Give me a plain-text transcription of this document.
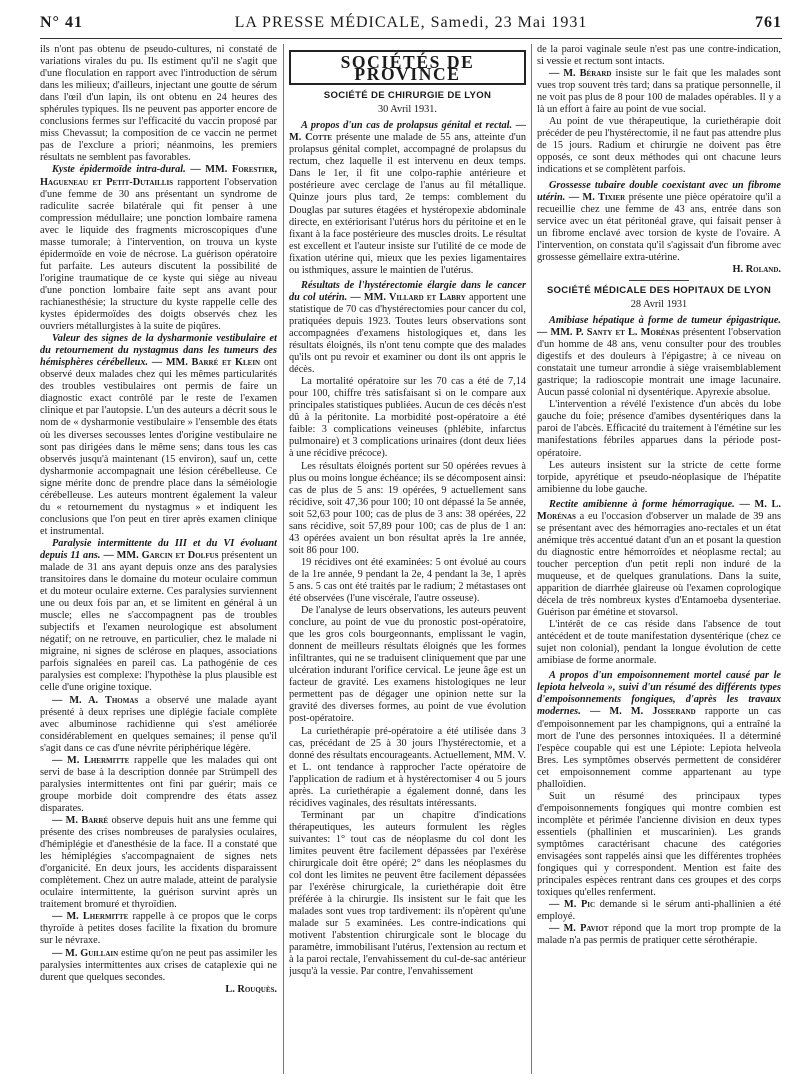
N° 41	LA PRESSE MÉDICALE, Samedi, 23 Mai 1931	761

ils n'ont pas obtenu de pseudo-cultures, ni constaté de variations virales du pu. Ils estiment qu'il ne s'agit que d'une floculation en rapport avec l'introduction de sérum dans les milieux; d'ailleurs, injectant une goutte de sérum dans l'œil d'un lapin, ils ont obtenu en 24 heures des sphérules typiques. Ils ne peuvent pas apporter encore de conclusions fermes sur l'efficacité du vaccin proposé par miss Chevassut; la composition de ce vaccin ne permet pas de l'exclure a priori; néanmoins, les premiers résultats ne semblent pas favorables.

Kyste épidermoïde intra-dural. — MM. Forestier, Hagueneau et Petit-Dutaillis rapportent l'observation d'une femme de 30 ans présentant un syndrome de radiculite sacrée bilatérale qui fit penser à une compression médullaire; une ponction lombaire ramena avec le liquide des fragments microscopiques d'une masse tumorale; à l'intervention, on trouva un kyste épidermoïde en voie de nécrose. La guérison opératoire fut parfaite. Les auteurs discutent la possibilité de l'origine traumatique de ce kyste qui siège au niveau d'une ponction lombaire faite sept ans avant pour rachianesthésie; la structure du kyste rappelle celle des kystes épidermoïdes des doigts observés chez les ouvriers métallurgistes à la suite de piqûres.

Valeur des signes de la dysharmonie vestibulaire et du retournement du nystagmus dans les tumeurs des hémisphères cérébelleux. — MM. Barré et Klein ont observé deux malades chez qui les mêmes particularités des troubles vestibulaires ont permis de faire un diagnostic exact contrôlé par le reste de l'examen clinique et par l'autopsie. L'un des auteurs a décrit sous le nom de « dysharmonie vestibulaire » l'ensemble des états où les diverses secousses lentes d'origine vestibulaire ne sont pas dirigées dans le même sens; dans tous les cas observés jusqu'à maintenant (15 environ), sauf un, cette dysharmonie accompagnait une lésion cérébelleuse. Ce signe mérite donc de prendre place dans la séméiologie cérébelleuse. Les auteurs montrent également la valeur du « retournement du nystagmus » et indiquent les conclusions que l'on peut en tirer après examen clinique et instrumental.

Paralysie intermittente du III et du VI évoluant depuis 11 ans. — MM. Garcin et Dolfus présentent un malade de 31 ans ayant depuis onze ans des paralysies transitoires dans le domaine du moteur oculaire commun et du moteur oculaire externe. Ces paralysies surviennent une ou deux fois par an, et se limitent en général à un muscle; elles ne s'accompagnent pas de troubles subjectifs et l'examen neurologique est absolument négatif; on ne retrouve, en particulier, chez le malade ni migraine, ni signes de sclérose en plaques, associations parfois signalées en pareil cas. La pathogénie de ces paralysies est complexe: l'hypothèse la plus plausible est celle d'une origine toxique.

— M. A. Thomas a observé une malade ayant présenté à deux reprises une diplégie faciale complète avec albuminose rachidienne qui s'est améliorée considérablement en quelques semaines; il pense qu'il s'agit dans ce cas d'une névrite périphérique légère.

— M. Lhermitte rappelle que les malades qui ont servi de base à la description donnée par Strümpell des paralysies intermittentes ont fini par guérir; mais ce groupe morbide doit comprendre des états assez disparates.

— M. Barré observe depuis huit ans une femme qui présente des crises nombreuses de paralysies oculaires, d'hémiplégie et d'anesthésie de la face. Il a constaté que les hémiplégies s'accompagnaient de signes nets d'organicité. En deux jours, les accidents disparaissent complètement. Chez un autre malade, atteint de paralysie oculaire intermittente, la guérison survint après un traitement bromuré et thyroïdien.

— M. Lhermitte rappelle à ce propos que le corps thyroïde à petites doses facilite la fixation du bromure sur le névraxe.

— M. Guillain estime qu'on ne peut pas assimiler les paralysies intermittentes aux crises de cataplexie qui ne durent que quelques secondes.

L. Rouquès.

SOCIÉTÉS DE PROVINCE
SOCIÉTÉ DE CHIRURGIE DE LYON
30 Avril 1931.

A propos d'un cas de prolapsus génital et rectal. — M. Cotte présente une malade de 55 ans, atteinte d'un prolapsus génital complet, accompagné de prolapsus du rectum, chez laquelle il est intervenu en deux temps. Dans le 1er, il fit une colpo-raphie antérieure et postérieure avec cerclage de l'anus au fil métallique. Quinze jours plus tard, 2e temps: comblement du Douglas par sutures étagées et hystéropexie abdominale directe, en extériorisant l'utérus hors du péritoine et en le fixant à la face postérieure des muscles droits. Le résultat est excellent et l'auteur insiste sur l'utilité de ce mode de fixation utérine qui, mieux que les pexies ligamentaires ou isthmiques, assure le maintien de l'utérus.

Résultats de l'hystérectomie élargie dans le cancer du col utérin. — MM. Villard et Labry apportent une statistique de 70 cas d'hystérectomies pour cancer du col, pratiquées depuis 1923. Toutes leurs observations sont accompagnées d'examens histologiques et, dans les résultats éloignés, ils n'ont tenu compte que des malades qu'ils ont pu revoir et examiner ou dont ils ont appris le décès.

La mortalité opératoire sur les 70 cas a été de 7,14 pour 100, chiffre très satisfaisant si on le compare aux principales statistiques publiées. Aucun de ces décès n'est dû à la péritonite. La morbidité post-opératoire a été faible: 3 complications veineuses (phlébite, infarctus pulmonaire) et 3 complications urinaires (dont deux liées à une récidive précoce).

Les résultats éloignés portent sur 50 opérées revues à plus ou moins longue échéance; ils se décomposent ainsi: cas de plus de 5 ans: 19 opérées, 9 actuellement sans récidive, soit 47,36 pour 100; 10 ont dépassé la 5e année, soit 52,63 pour 100; cas de plus de 3 ans: 38 opérées, 22 sans récidive, soit 57,89 pour 100; cas de plus de 1 an: 43 opérées avaient un bon résultat après la 1re année, soit 86 pour 100.

19 récidives ont été examinées: 5 ont évolué au cours de la 1re année, 9 pendant la 2e, 4 pendant la 3e, 1 après 5 ans. 5 cas ont été traités par le radium; 2 métastases ont été observées (l'une viscérale, l'autre osseuse).

De l'analyse de leurs observations, les auteurs peuvent conclure, au point de vue du pronostic post-opératoire, que les gros cols bourgeonnants, emplissant le vagin, donnent de meilleurs résultats éloignés que les formes infiltrantes, qui ne se traduisent cliniquement que par une ulcération indurant l'orifice cervical. Le jeune âge est un facteur de gravité. Les examens histologiques ne leur permettent pas de dégager une opinion nette sur la gravité des diverses formes, au point de vue évolution post-opératoire.

La curiethérapie pré-opératoire a été utilisée dans 3 cas, précédant de 25 à 30 jours l'hystérectomie, et a donné des résultats encourageants. Actuellement, MM. V. et L. ont tendance à rapprocher l'acte opératoire de l'application de radium et à hystérectomiser 4 ou 5 jours après. La curiethérapie a également donné, dans les récidives vaginales, des résultats intéressants.

Terminant par un chapitre d'indications thérapeutiques, les auteurs formulent les règles suivantes: 1° tout cas de néoplasme du col dont les limites peuvent être facilement dépassées par l'exérèse chirurgicale doit être opéré; 2° dans les néoplasmes du col dont les limites ne peuvent être facilement dépassées par l'exérèse chirurgicale, la curiethérapie doit être préférée à la chirurgie. Ils insistent sur le fait que les malades sont vues trop tardivement: ils n'opèrent qu'une malade sur 5 examinées. Les contre-indications qui motivent l'abstention chirurgicale sont le blocage du paramètre, immobilisant l'utérus, l'extension au rectum et à la paroi rectale, l'envahissement du cul-de-sac antérieur jusqu'à la vessie. Par contre, l'envahissement

de la paroi vaginale seule n'est pas une contre-indication, si vessie et rectum sont intacts.

— M. Bérard insiste sur le fait que les malades sont vues trop souvent très tard; dans sa pratique personnelle, il ne voit pas plus de 8 pour 100 de malades opérables. Il y a là un effort à faire au point de vue social.

Au point de vue thérapeutique, la curiethérapie doit précéder de peu l'hystérectomie, il ne faut pas attendre plus de 15 jours. Radium et chirurgie ne doivent pas être opposés, ce sont deux méthodes qui ont chacune leurs indications et se complètent parfois.

Grossesse tubaire double coexistant avec un fibrome utérin. — M. Tixier présente une pièce opératoire qu'il a recueillie chez une femme de 43 ans, entrée dans son service avec un état péritonéal grave, qui faisait penser à un fibrome enclavé avec torsion de kyste de l'ovaire. A l'intervention, on constata qu'il s'agissait d'un fibrome avec grossesse gémellaire extra-utérine.

H. Roland.

SOCIÉTÉ MÉDICALE DES HOPITAUX DE LYON
28 Avril 1931

Amibiase hépatique à forme de tumeur épigastrique. — MM. P. Santy et L. Morénas présentent l'observation d'un homme de 48 ans, venu consulter pour des troubles digestifs et des douleurs à l'épigastre; à ce niveau on constatait une tumeur arrondie à siège vraisemblablement gastrique; la radioscopie montrait une image lacunaire. Aucun passé colonial ni dysentérique. Apyrexie absolue.

L'intervention a révélé l'existence d'un abcès du lobe gauche du foie; présence d'amibes dysentériques dans la paroi de l'abcès. Efficacité du traitement à l'émétine sur les manifestations fébriles apparues dans la période post-opératoire.

Les auteurs insistent sur la stricte de cette forme torpide, apyrétique et pseudo-néoplasique de l'hépatite amibienne du lobe gauche.

Rectite amibienne à forme hémorragique. — M. L. Morénas a eu l'occasion d'observer un malade de 39 ans se présentant avec des hémorragies ano-rectales et un état anémique très accentué datant d'un an et posant la question du diagnostic entre hémorroïdes et néoplasme rectal; au toucher perception d'un petit repli non induré de la muqueuse, et de quelques granulations. Dans la suite, apparition de diarrhée glaireuse où l'examen coprologique décela de très nombreux kystes d'Entamoeba dysenteriae. Guérison par émétine et stovarsol.

L'intérêt de ce cas réside dans l'absence de tout antécédent et de toute manifestation dysentérique (chez ce sujet non colonial), pendant la longue évolution de cette amibiase de forme anormale.

A propos d'un empoisonnement mortel causé par le lepiota helveola », suivi d'un résumé des différents types d'empoisonnements fongiques, d'après les travaux modernes. — M. M. Josserand rapporte un cas d'empoisonnement par les champignons, qui a entraîné la mort de l'une des personnes intoxiquées. Il a déterminé l'espèce coupable qui est une Lépiote: Lepiota helveola Bres. Les symptômes observés permettent de considérer cet empoisonnement comme appartenant au type phalloïdien.

Suit un résumé des principaux types d'empoisonnements fongiques qui montre combien est incomplète et périmée l'ancienne division en deux types essentiels (phallinien et muscarinien). Les grands symptômes caractérisant chacune des catégories envisagées sont rappelés ainsi que les différentes trophées fongiques qui y correspondent. Mention est faite des principales espèces rentrant dans ces groupes et des corps toxiques qu'elles renferment.

— M. Pic demande si le sérum anti-phallinien a été employé.

— M. Paviot répond que la mort trop prompte de la malade n'a pas permis de pratiquer cette sérothérapie.
